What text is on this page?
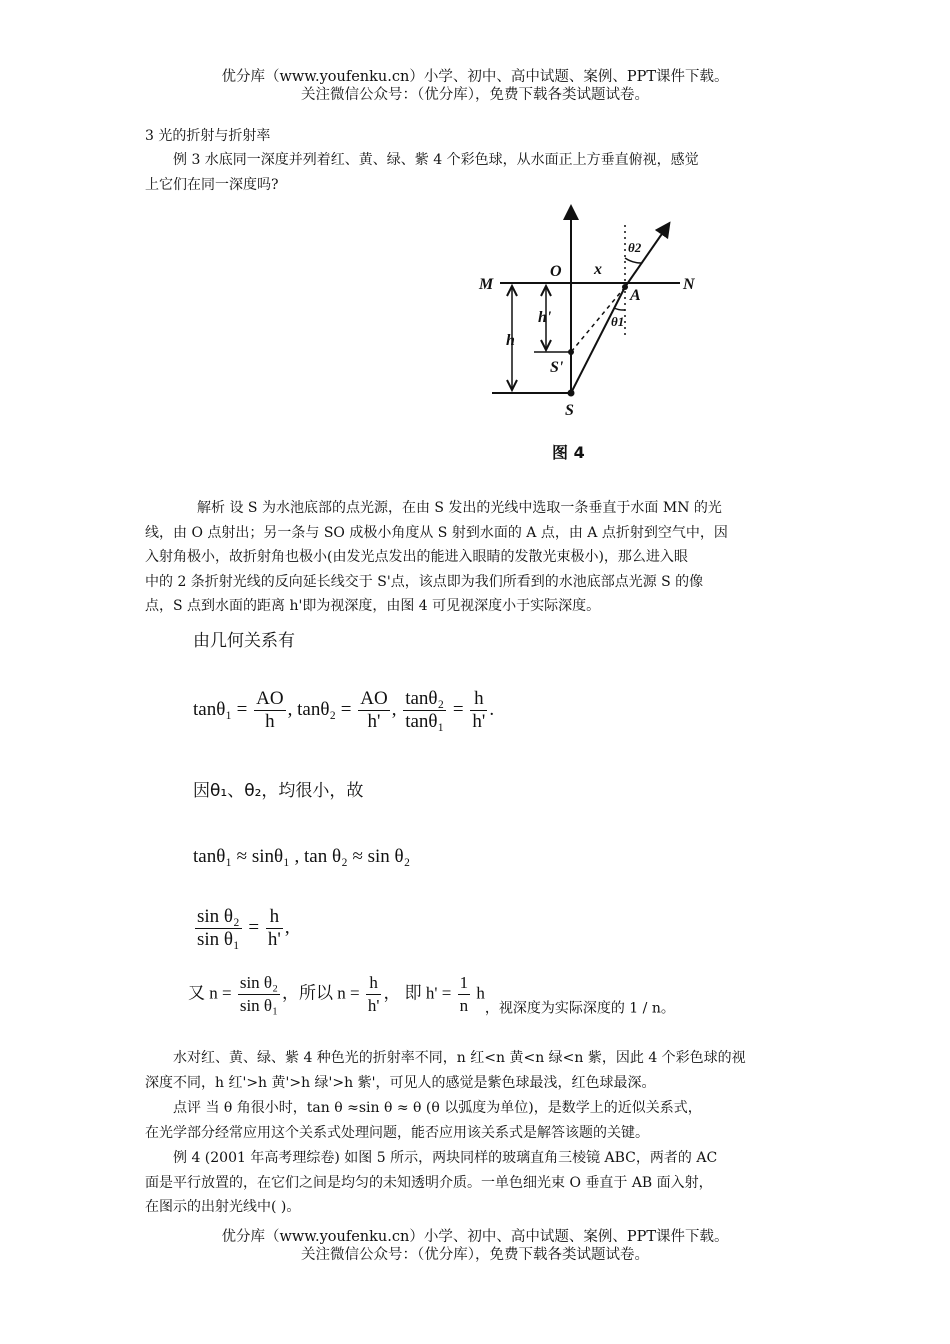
优分库（www.youfenku.cn）小学、初中、高中试题、案例、PPT课件下载。
关注微信公众号：（优分库），免费下载各类试题试卷。
3 光的折射与折射率
例 3 水底同一深度并列着红、黄、绿、紫 4 个彩色球，从水面正上方垂直俯视，感觉
上它们在同一深度吗?
M	N
O x
A
h'
h
S'
S
θ2
θ1
图 4
解析 设 S 为水池底部的点光源，在由 S 发出的光线中选取一条垂直于水面 MN 的光
线，由 O 点射出；另一条与 SO 成极小角度从 S 射到水面的 A 点，由 A 点折射到空气中，因
入射角极小，故折射角也极小(由发光点发出的能进入眼睛的发散光束极小)，那么进入眼
中的 2 条折射光线的反向延长线交于 S'点，该点即为我们所看到的水池底部点光源 S 的像
点，S 点到水面的距离 h'即为视深度，由图 4 可见视深度小于实际深度。
由几何关系有
$\tan\theta_1 = \frac{AO}{h}$ , $\tan\theta_2 = \frac{AO}{h'}$ , $\frac{\text{tanθ₂}}{\text{tanθ₁}} = \frac{h}{h'}$ .
因θ₁、θ₂，均很小，故
tanθ₁ ≈ sinθ₁ , tan θ₂ ≈ sin θ₂
$\frac{\text{sin θ₂}}{\text{sin θ₁}} = \frac{h}{h'}$ ,
又 $n = \frac{\text{sin θ₂}}{\text{sin θ₁}}$ ，所以 $n = \frac{h}{h'}$ ， 即 $h' = \frac{1}{n} h_{,视深度为实际深度的 1 / n。}$
水对红、黄、绿、紫 4 种色光的折射率不同，n 红<n 黄<n 绿<n 紫，因此 4 个彩色球的视
深度不同，h 红'>h 黄'>h 绿'>h 紫'，可见人的感觉是紫色球最浅，红色球最深。
点评 当 θ 角很小时，tan θ ≈sin θ ≈ θ (θ 以弧度为单位)，是数学上的近似关系式，
在光学部分经常应用这个关系式处理问题，能否应用该关系式是解答该题的关键。
例 4 (2001 年高考理综卷) 如图 5 所示，两块同样的玻璃直角三棱镜 ABC，两者的 AC
面是平行放置的，在它们之间是均匀的未知透明介质。一单色细光束 O 垂直于 AB 面入射，
在图示的出射光线中( )。
优分库（www.youfenku.cn）小学、初中、高中试题、案例、PPT课件下载。
关注微信公众号：（优分库），免费下载各类试题试卷。
